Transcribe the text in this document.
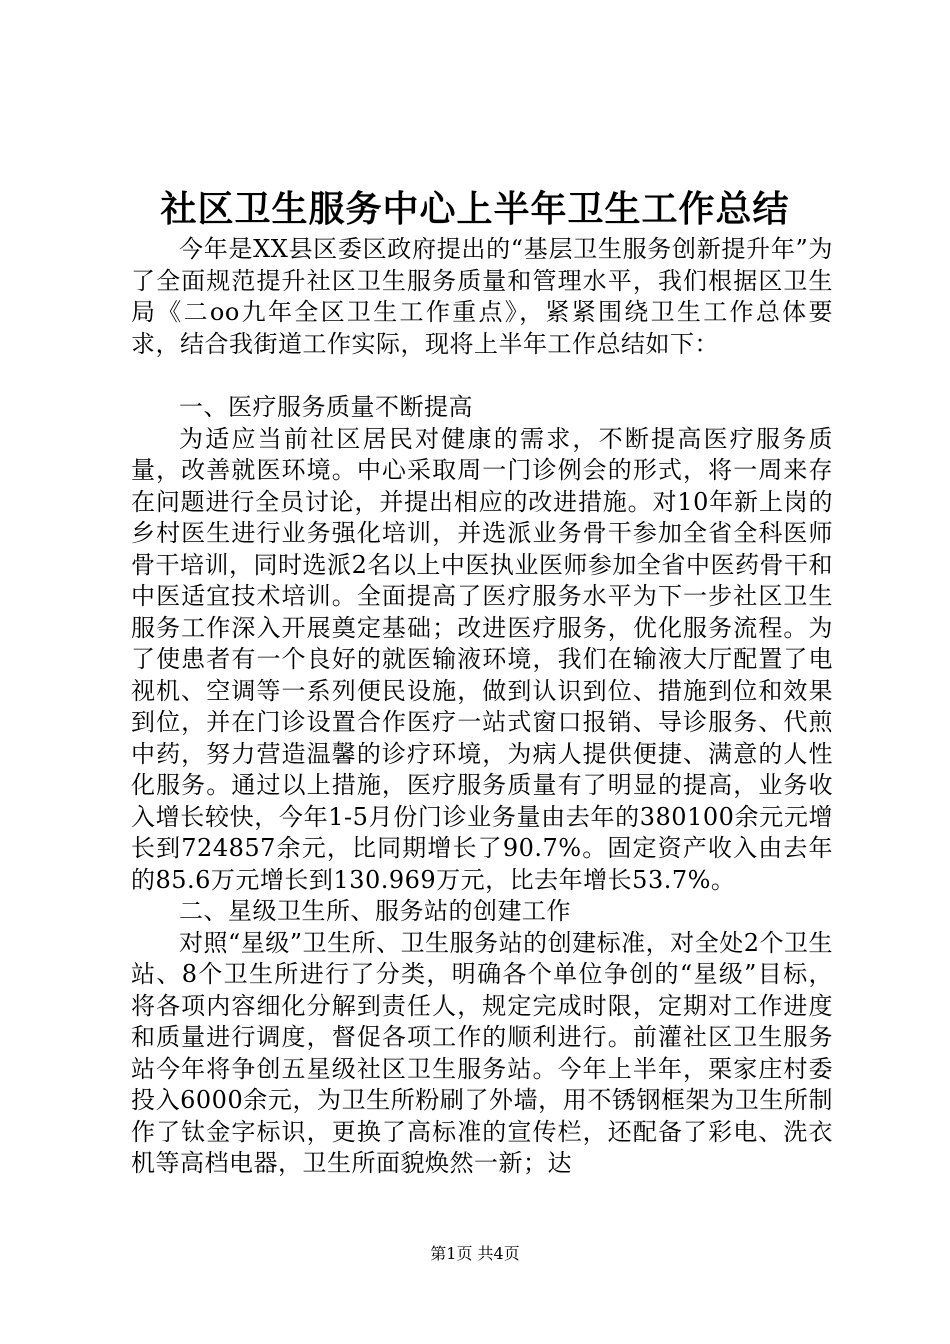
社区卫生服务中心上半年卫生工作总结

今年是XX县区委区政府提出的“基层卫生服务创新提升年”为了全面规范提升社区卫生服务质量和管理水平，我们根据区卫生局《二oo九年全区卫生工作重点》，紧紧围绕卫生工作总体要求，结合我街道工作实际，现将上半年工作总结如下：

一、医疗服务质量不断提高

为适应当前社区居民对健康的需求，不断提高医疗服务质量，改善就医环境。中心采取周一门诊例会的形式，将一周来存在问题进行全员讨论，并提出相应的改进措施。对10年新上岗的乡村医生进行业务强化培训，并选派业务骨干参加全省全科医师骨干培训，同时选派2名以上中医执业医师参加全省中医药骨干和中医适宜技术培训。全面提高了医疗服务水平为下一步社区卫生服务工作深入开展奠定基础；改进医疗服务，优化服务流程。为了使患者有一个良好的就医输液环境，我们在输液大厅配置了电视机、空调等一系列便民设施，做到认识到位、措施到位和效果到位，并在门诊设置合作医疗一站式窗口报销、导诊服务、代煎中药，努力营造温馨的诊疗环境，为病人提供便捷、满意的人性化服务。通过以上措施，医疗服务质量有了明显的提高，业务收入增长较快，今年1-5月份门诊业务量由去年的380100余元元增长到724857余元，比同期增长了90.7%。固定资产收入由去年的85.6万元增长到130.969万元，比去年增长53.7%。

二、星级卫生所、服务站的创建工作

对照“星级”卫生所、卫生服务站的创建标准，对全处2个卫生站、8个卫生所进行了分类，明确各个单位争创的“星级”目标，将各项内容细化分解到责任人，规定完成时限，定期对工作进度和质量进行调度，督促各项工作的顺利进行。前灌社区卫生服务站今年将争创五星级社区卫生服务站。今年上半年，栗家庄村委投入6000余元，为卫生所粉刷了外墙，用不锈钢框架为卫生所制作了钛金字标识，更换了高标准的宣传栏，还配备了彩电、洗衣机等高档电器，卫生所面貌焕然一新；达

第1页 共4页
